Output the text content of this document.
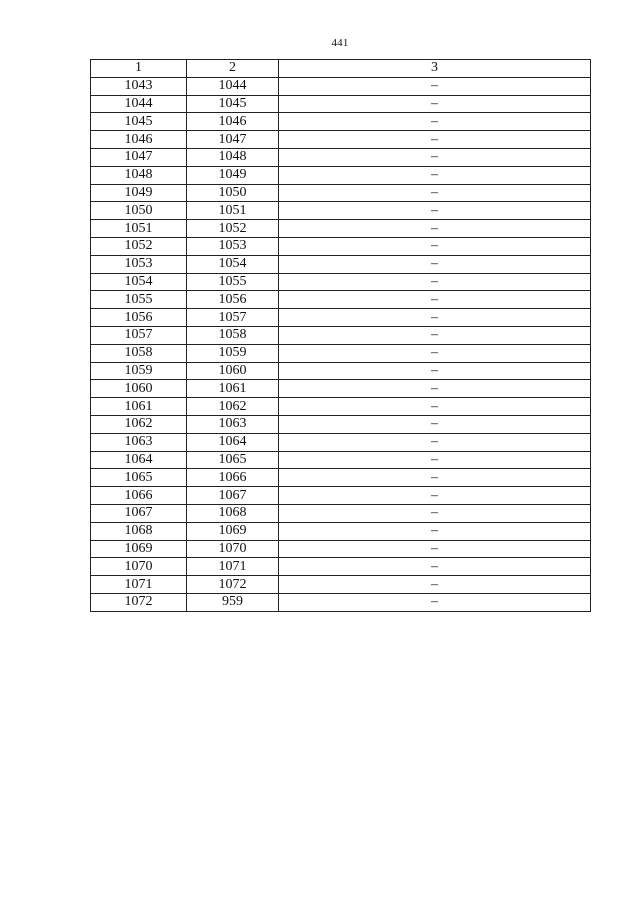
441
1	2	3
1043	1044	–
1044	1045	–
1045	1046	–
1046	1047	–
1047	1048	–
1048	1049	–
1049	1050	–
1050	1051	–
1051	1052	–
1052	1053	–
1053	1054	–
1054	1055	–
1055	1056	–
1056	1057	–
1057	1058	–
1058	1059	–
1059	1060	–
1060	1061	–
1061	1062	–
1062	1063	–
1063	1064	–
1064	1065	–
1065	1066	–
1066	1067	–
1067	1068	–
1068	1069	–
1069	1070	–
1070	1071	–
1071	1072	–
1072	959	–
